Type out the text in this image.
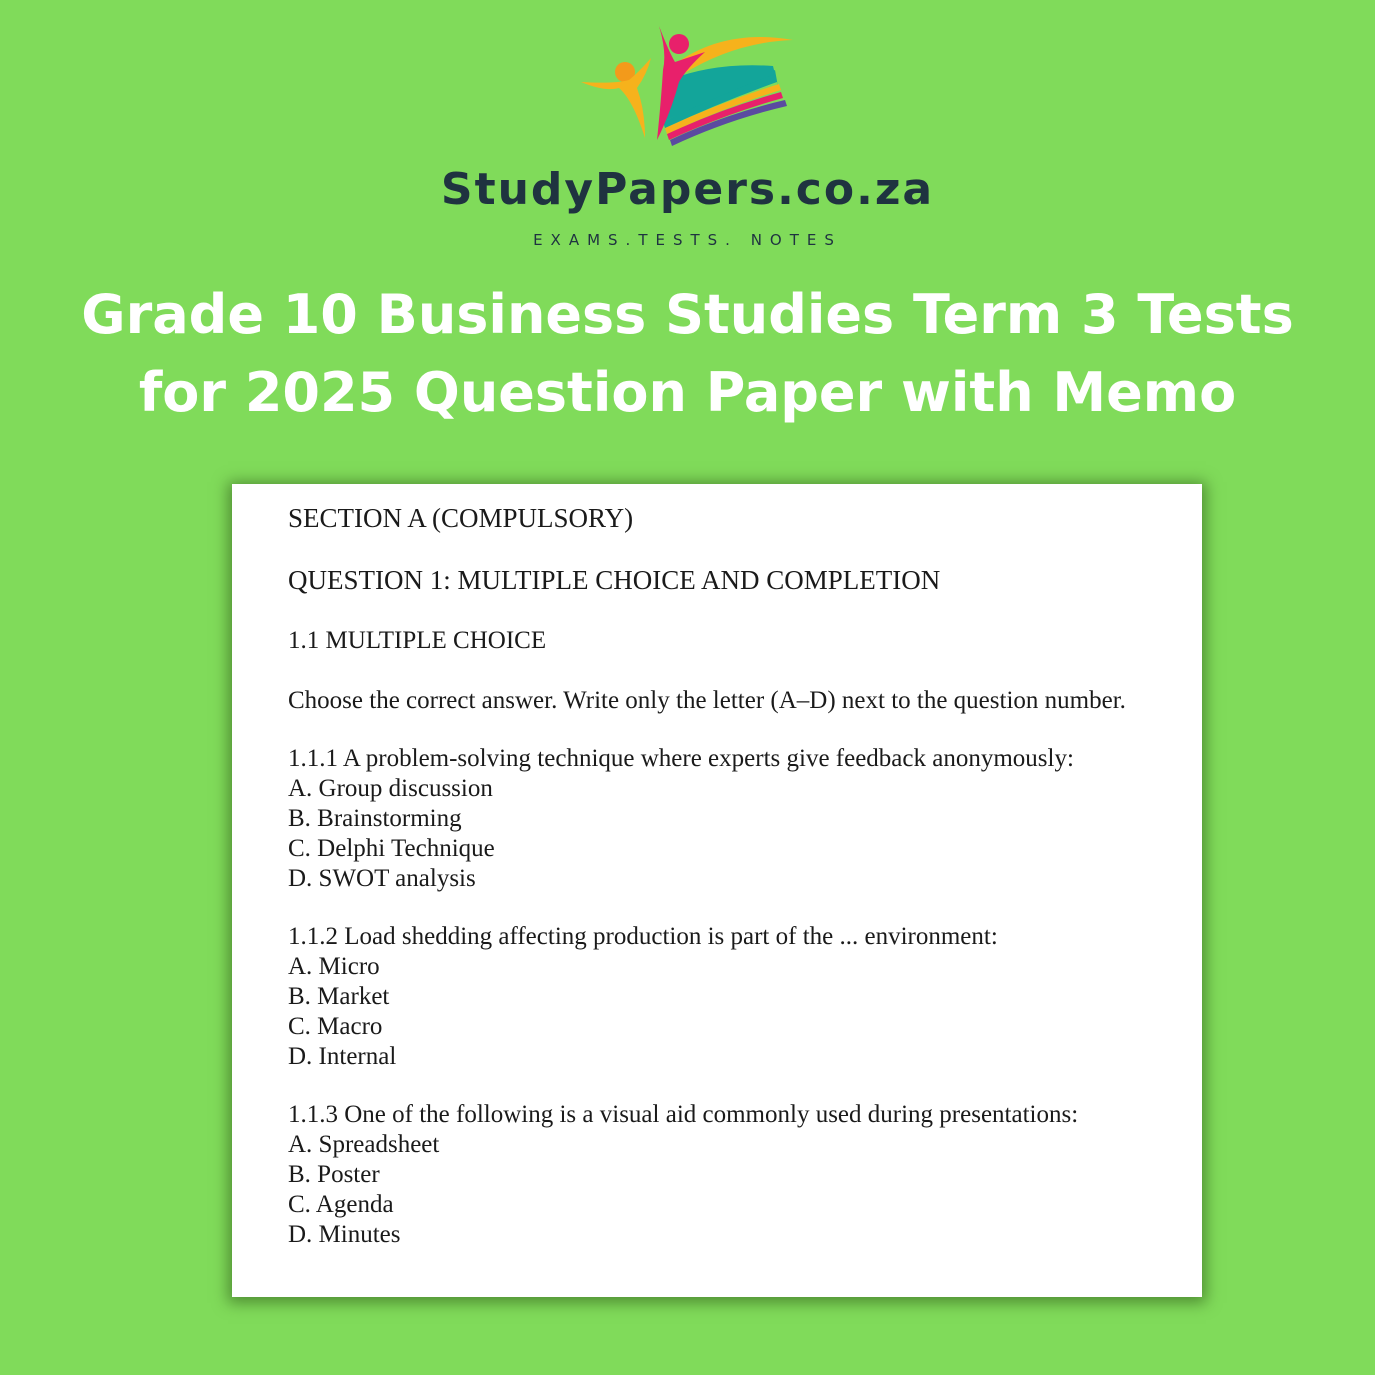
StudyPapers.co.za
EXAMS.TESTS. NOTES
Grade 10 Business Studies Term 3 Tests
for 2025 Question Paper with Memo

SECTION A (COMPULSORY)

QUESTION 1: MULTIPLE CHOICE AND COMPLETION

1.1 MULTIPLE CHOICE

Choose the correct answer. Write only the letter (A–D) next to the question number.

1.1.1 A problem-solving technique where experts give feedback anonymously:

A. Group discussion

B. Brainstorming

C. Delphi Technique

D. SWOT analysis

1.1.2 Load shedding affecting production is part of the ... environment:

A. Micro

B. Market

C. Macro

D. Internal

1.1.3 One of the following is a visual aid commonly used during presentations:

A. Spreadsheet

B. Poster

C. Agenda

D. Minutes
